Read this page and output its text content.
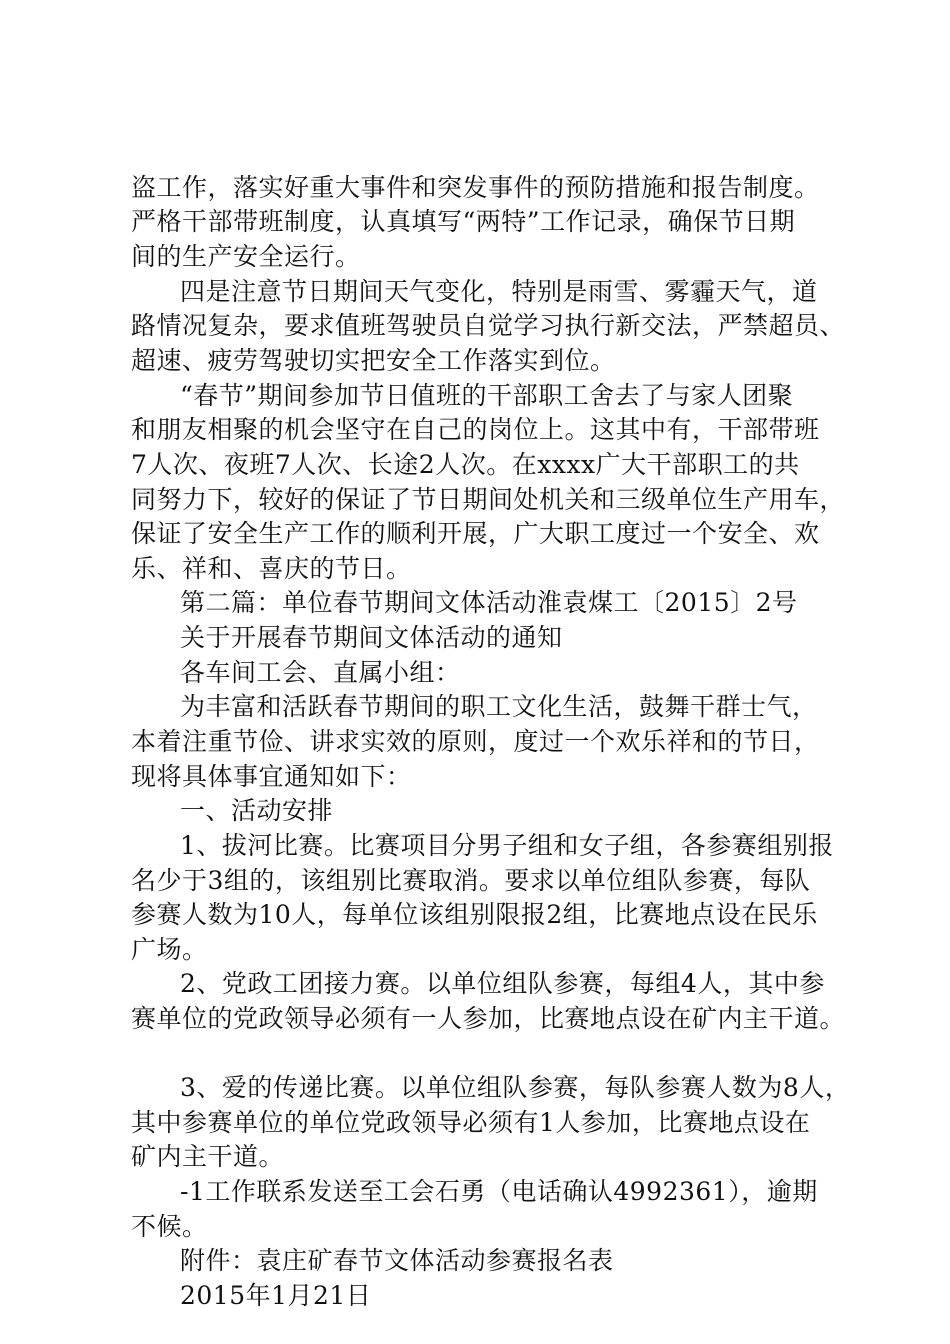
盗工作，落实好重大事件和突发事件的预防措施和报告制度。
严格干部带班制度，认真填写“两特”工作记录，确保节日期
间的生产安全运行。
四是注意节日期间天气变化，特别是雨雪、雾霾天气，道
路情况复杂，要求值班驾驶员自觉学习执行新交法，严禁超员、
超速、疲劳驾驶切实把安全工作落实到位。
“春节”期间参加节日值班的干部职工舍去了与家人团聚
和朋友相聚的机会坚守在自己的岗位上。这其中有，干部带班
7人次、夜班7人次、长途2人次。在xxxx广大干部职工的共
同努力下，较好的保证了节日期间处机关和三级单位生产用车，
保证了安全生产工作的顺利开展，广大职工度过一个安全、欢
乐、祥和、喜庆的节日。
第二篇：单位春节期间文体活动淮袁煤工〔2015〕2号
关于开展春节期间文体活动的通知
各车间工会、直属小组：
为丰富和活跃春节期间的职工文化生活，鼓舞干群士气，
本着注重节俭、讲求实效的原则，度过一个欢乐祥和的节日，
现将具体事宜通知如下：
一、活动安排
1、拔河比赛。比赛项目分男子组和女子组，各参赛组别报
名少于3组的，该组别比赛取消。要求以单位组队参赛，每队
参赛人数为10人，每单位该组别限报2组，比赛地点设在民乐
广场。
2、党政工团接力赛。以单位组队参赛，每组4人，其中参
赛单位的党政领导必须有一人参加，比赛地点设在矿内主干道。
3、爱的传递比赛。以单位组队参赛，每队参赛人数为8人，
其中参赛单位的单位党政领导必须有1人参加，比赛地点设在
矿内主干道。
-1工作联系发送至工会石勇（电话确认4992361），逾期
不候。
附件：袁庄矿春节文体活动参赛报名表
2015年1月21日
